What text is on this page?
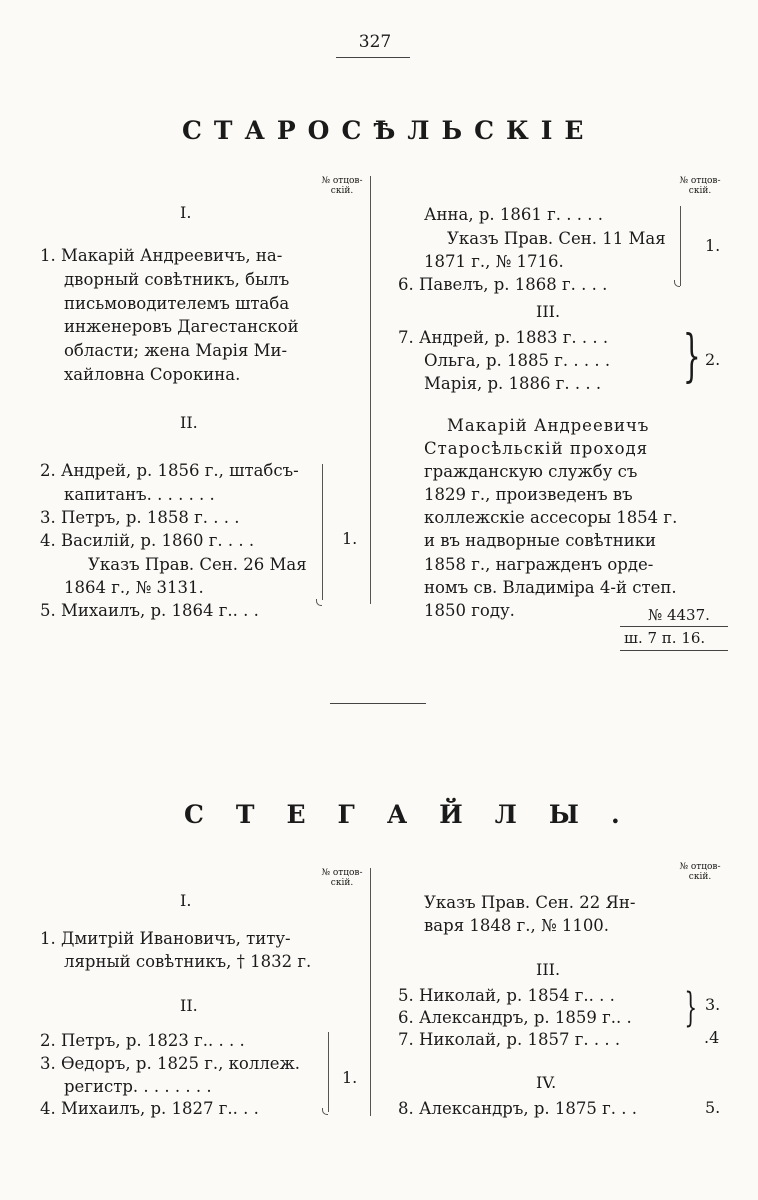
327
СТАРОСѢЛЬСКІЕ
№ отцов-
скій.
№ отцов-
скій.
I.
1. Макарій Андреевичъ, на-
дворный совѣтникъ, былъ
письмоводителемъ штаба
инженеровъ Дагестанской
области; жена Марія Ми-
хайловна Сорокина.
II.
2. Андрей, р. 1856 г., штабсъ-
капитанъ. . . . . . .
3. Петръ, р. 1858 г. . . .
4. Василій, р. 1860 г. . . .
Указъ Прав. Сен. 26 Мая
1864 г., № 3131.
5. Михаилъ, р. 1864 г.. . .
1.
Анна, р. 1861 г. . . . .
Указъ Прав. Сен. 11 Мая
1871 г., № 1716.
6. Павелъ, р. 1868 г. . . .
1.
III.
7. Андрей, р. 1883 г. . . .
Ольга, р. 1885 г. . . . .
Марія, р. 1886 г. . . . } 2.
Макарій Андреевичъ
Старосѣльскій проходя
гражданскую службу съ
1829 г., произведенъ въ
коллежскіе ассесоры 1854 г.
и въ надворные совѣтники
1858 г., награжденъ орде-
номъ св. Владиміра 4-й степ.
1850 году.	№ 4437.
ш. 7 п. 16.
СТЕГАЙЛЫ.
№ отцов-
скій.
№ отцов-
скій.
I.
1. Дмитрій Ивановичъ, титу-
лярный совѣтникъ, † 1832 г.
II.
2. Петръ, р. 1823 г.. . . .
3. Ѳедоръ, р. 1825 г., коллеж.
регистр. . . . . . . .
4. Михаилъ, р. 1827 г.. . .
1.
Указъ Прав. Сен. 22 Ян-
варя 1848 г., № 1100.
III.
5. Николай, р. 1854 г.. . .
6. Александръ, р. 1859 г.. .
7. Николай, р. 1857 г. . . .
} 3.
.4
IV.
8. Александръ, р. 1875 г. . .	5.
